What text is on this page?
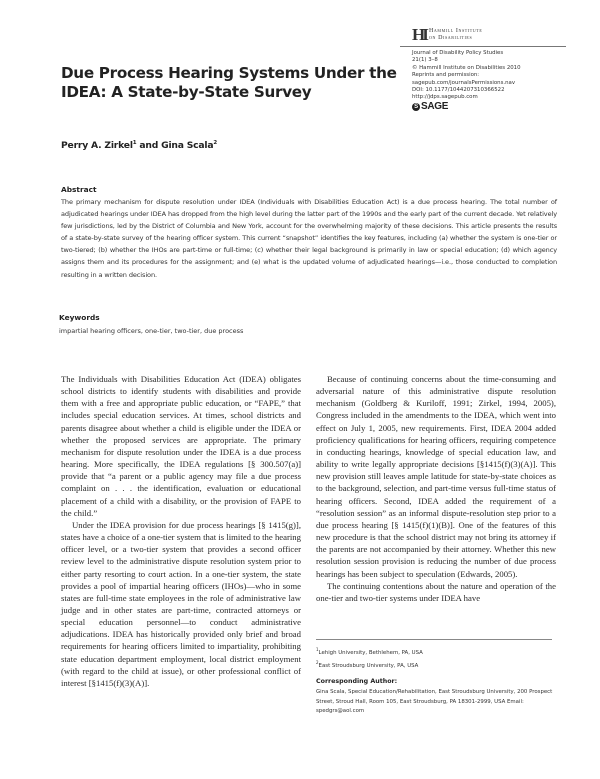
HI Hammill Institute
on Disabilities
Journal of Disability Policy Studies
21(1) 3–8
© Hammill Institute on Disabilities 2010
Reprints and permission:
sagepub.com/journalsPermissions.nav
DOI: 10.1177/1044207310366522
http://jdps.sagepub.com
S SAGE
Due Process Hearing Systems Under the IDEA: A State-by-State Survey
Perry A. Zirkel$^1$ and Gina Scala$^2$
Abstract
The primary mechanism for dispute resolution under IDEA (Individuals with Disabilities Education Act) is a due process hearing. The total number of adjudicated hearings under IDEA has dropped from the high level during the latter part of the 1990s and the early part of the current decade. Yet relatively few jurisdictions, led by the District of Columbia and New York, account for the overwhelming majority of these decisions. This article presents the results of a state-by-state survey of the hearing officer system. This current “snapshot” identifies the key features, including (a) whether the system is one-tier or two-tiered; (b) whether the IHOs are part-time or full-time; (c) whether their legal background is primarily in law or special education; (d) which agency assigns them and its procedures for the assignment; and (e) what is the updated volume of adjudicated hearings—i.e., those conducted to completion resulting in a written decision.
Keywords
impartial hearing officers, one-tier, two-tier, due process

The Individuals with Disabilities Education Act (IDEA) obligates school districts to identify students with disabilities and provide them with a free and appropriate public education, or “FAPE,” that includes special education services. At times, school districts and parents disagree about whether a child is eligible under the IDEA or whether the proposed services are appropriate. The primary mechanism for dispute resolution under the IDEA is a due process hearing. More specifically, the IDEA regulations [§ 300.507(a)] provide that “a parent or a public agency may file a due process complaint on . . . the identification, evaluation or educational placement of a child with a disability, or the provision of FAPE to the child.”

Under the IDEA provision for due process hearings [§ 1415(g)], states have a choice of a one-tier system that is limited to the hearing officer level, or a two-tier system that provides a second officer review level to the administrative dispute resolution system prior to either party resorting to court action. In a one-tier system, the state provides a pool of impartial hearing officers (IHOs)—who in some states are full-time state employees in the role of administrative law judge and in other states are part-time, contracted attorneys or special education personnel—to conduct administrative adjudications. IDEA has historically provided only brief and broad requirements for hearing officers limited to impartiality, prohibiting state education department employment, local district employment (with regard to the child at issue), or other professional conflict of interest [§1415(f)(3)(A)].

Because of continuing concerns about the time-consuming and adversarial nature of this administrative dispute resolution mechanism (Goldberg & Kuriloff, 1991; Zirkel, 1994, 2005), Congress included in the amendments to the IDEA, which went into effect on July 1, 2005, new requirements. First, IDEA 2004 added proficiency qualifications for hearing officers, requiring competence in conducting hearings, knowledge of special education law, and ability to write legally appropriate decisions [§1415(f)(3)(A)]. This new provision still leaves ample latitude for state-by-state choices as to the background, selection, and part-time versus full-time status of hearing officers. Second, IDEA added the requirement of a “resolution session” as an informal dispute-resolution step prior to a due process hearing [§ 1415(f)(1)(B)]. One of the features of this new procedure is that the school district may not bring its attorney if the parents are not accompanied by their attorney. Whether this new resolution session provision is reducing the number of due process hearings has been subject to speculation (Edwards, 2005).

The continuing contentions about the nature and operation of the one-tier and two-tier systems under IDEA have

$^1$Lehigh University, Bethlehem, PA, USA
$^2$East Stroudsburg University, PA, USA
Corresponding Author:
Gina Scala, Special Education/Rehabilitation, East Stroudsburg University, 200 Prospect Street, Stroud Hall, Room 105, East Stroudsburg, PA 18301-2999, USA Email: spedgrs@aol.com
